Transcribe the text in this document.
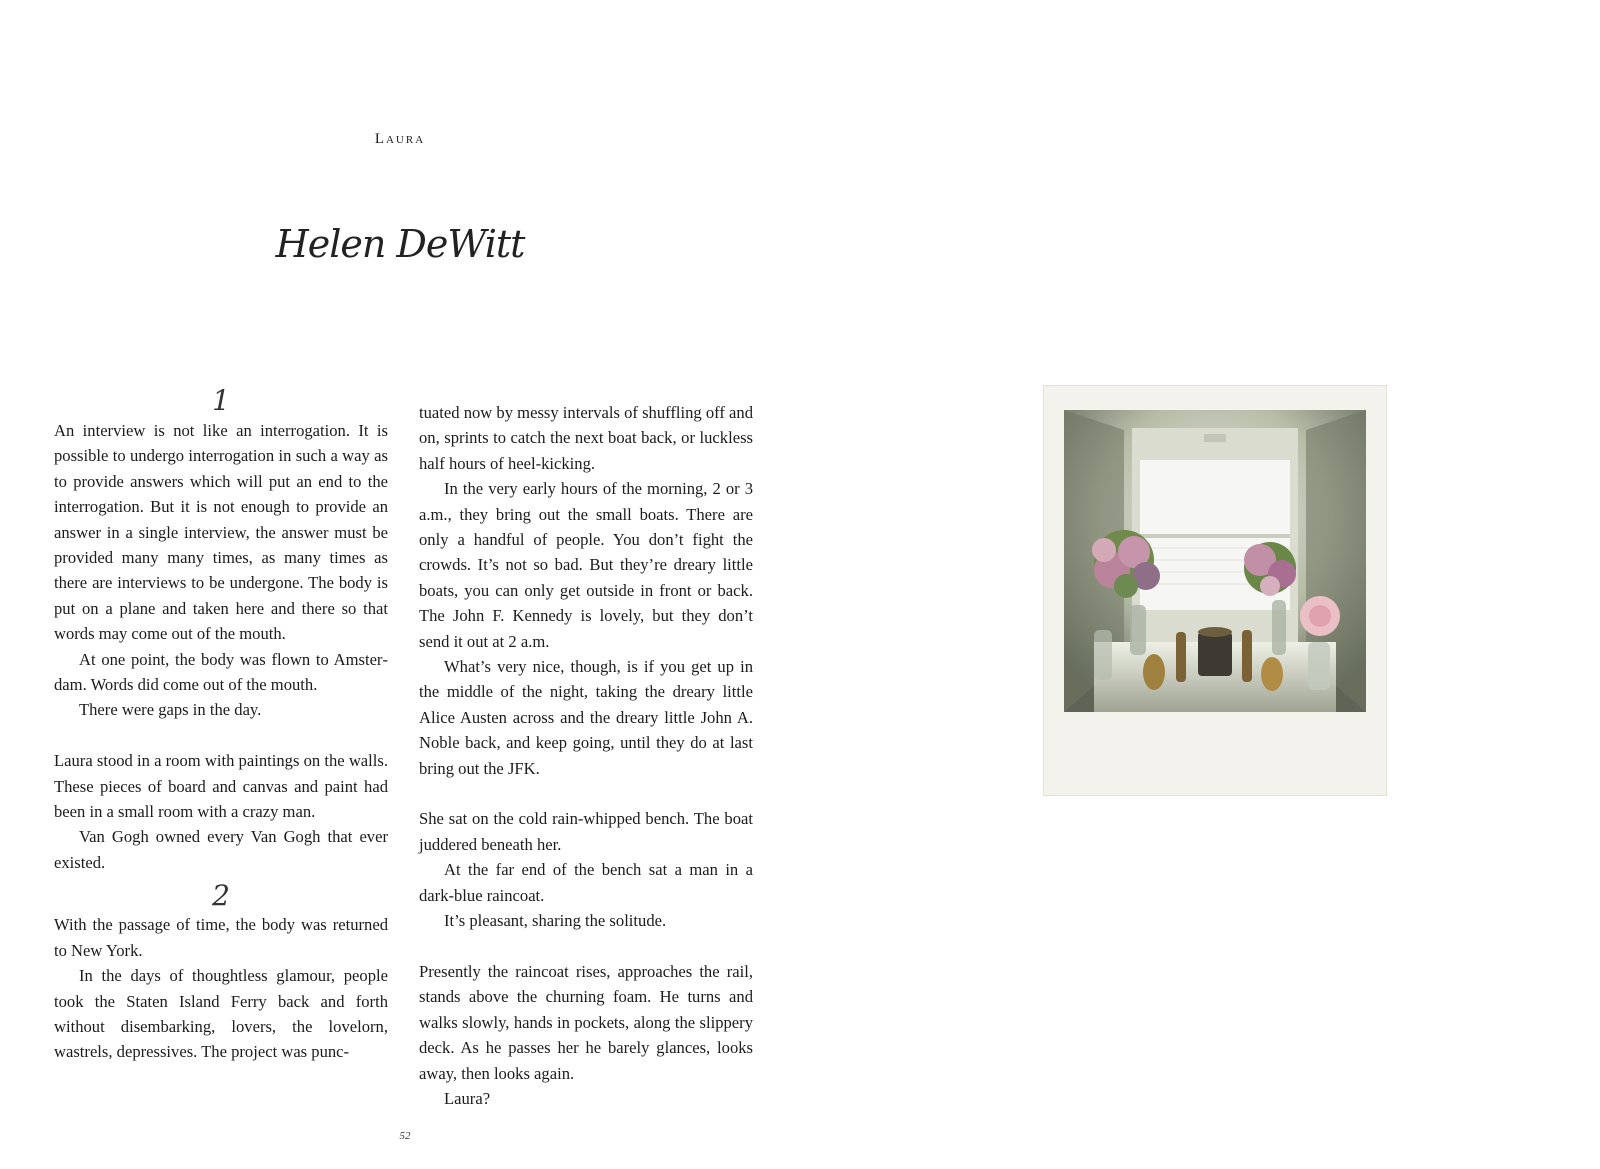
Laura
Helen DeWitt
1

An interview is not like an interrogation. It is possible to undergo interrogation in such a way as to provide answers which will put an end to the interrogation. But it is not enough to provide an answer in a single interview, the answer must be provided many many times, as many times as there are interviews to be undergone. The body is put on a plane and taken here and there so that words may come out of the mouth.

At one point, the body was flown to Amsterdam. Words did come out of the mouth.

There were gaps in the day.

Laura stood in a room with paintings on the walls. These pieces of board and canvas and paint had been in a small room with a crazy man.

Van Gogh owned every Van Gogh that ever existed.

2

With the passage of time, the body was returned to New York.

In the days of thoughtless glamour, people took the Staten Island Ferry back and forth without disembarking, lovers, the lovelorn, wastrels, depressives. The project was punc-

tuated now by messy intervals of shuffling off and on, sprints to catch the next boat back, or luckless half hours of heel-kicking.

In the very early hours of the morning, 2 or 3 a.m., they bring out the small boats. There are only a handful of people. You don’t fight the crowds. It’s not so bad. But they’re dreary little boats, you can only get outside in front or back. The John F. Kennedy is lovely, but they don’t send it out at 2 a.m.

What’s very nice, though, is if you get up in the middle of the night, taking the dreary little Alice Austen across and the dreary little John A. Noble back, and keep going, until they do at last bring out the JFK.

She sat on the cold rain-whipped bench. The boat juddered beneath her.

At the far end of the bench sat a man in a dark-blue raincoat.

It’s pleasant, sharing the solitude.

Presently the raincoat rises, approaches the rail, stands above the churning foam. He turns and walks slowly, hands in pockets, along the slippery deck. As he passes her he barely glances, looks away, then looks again.

Laura?

52
